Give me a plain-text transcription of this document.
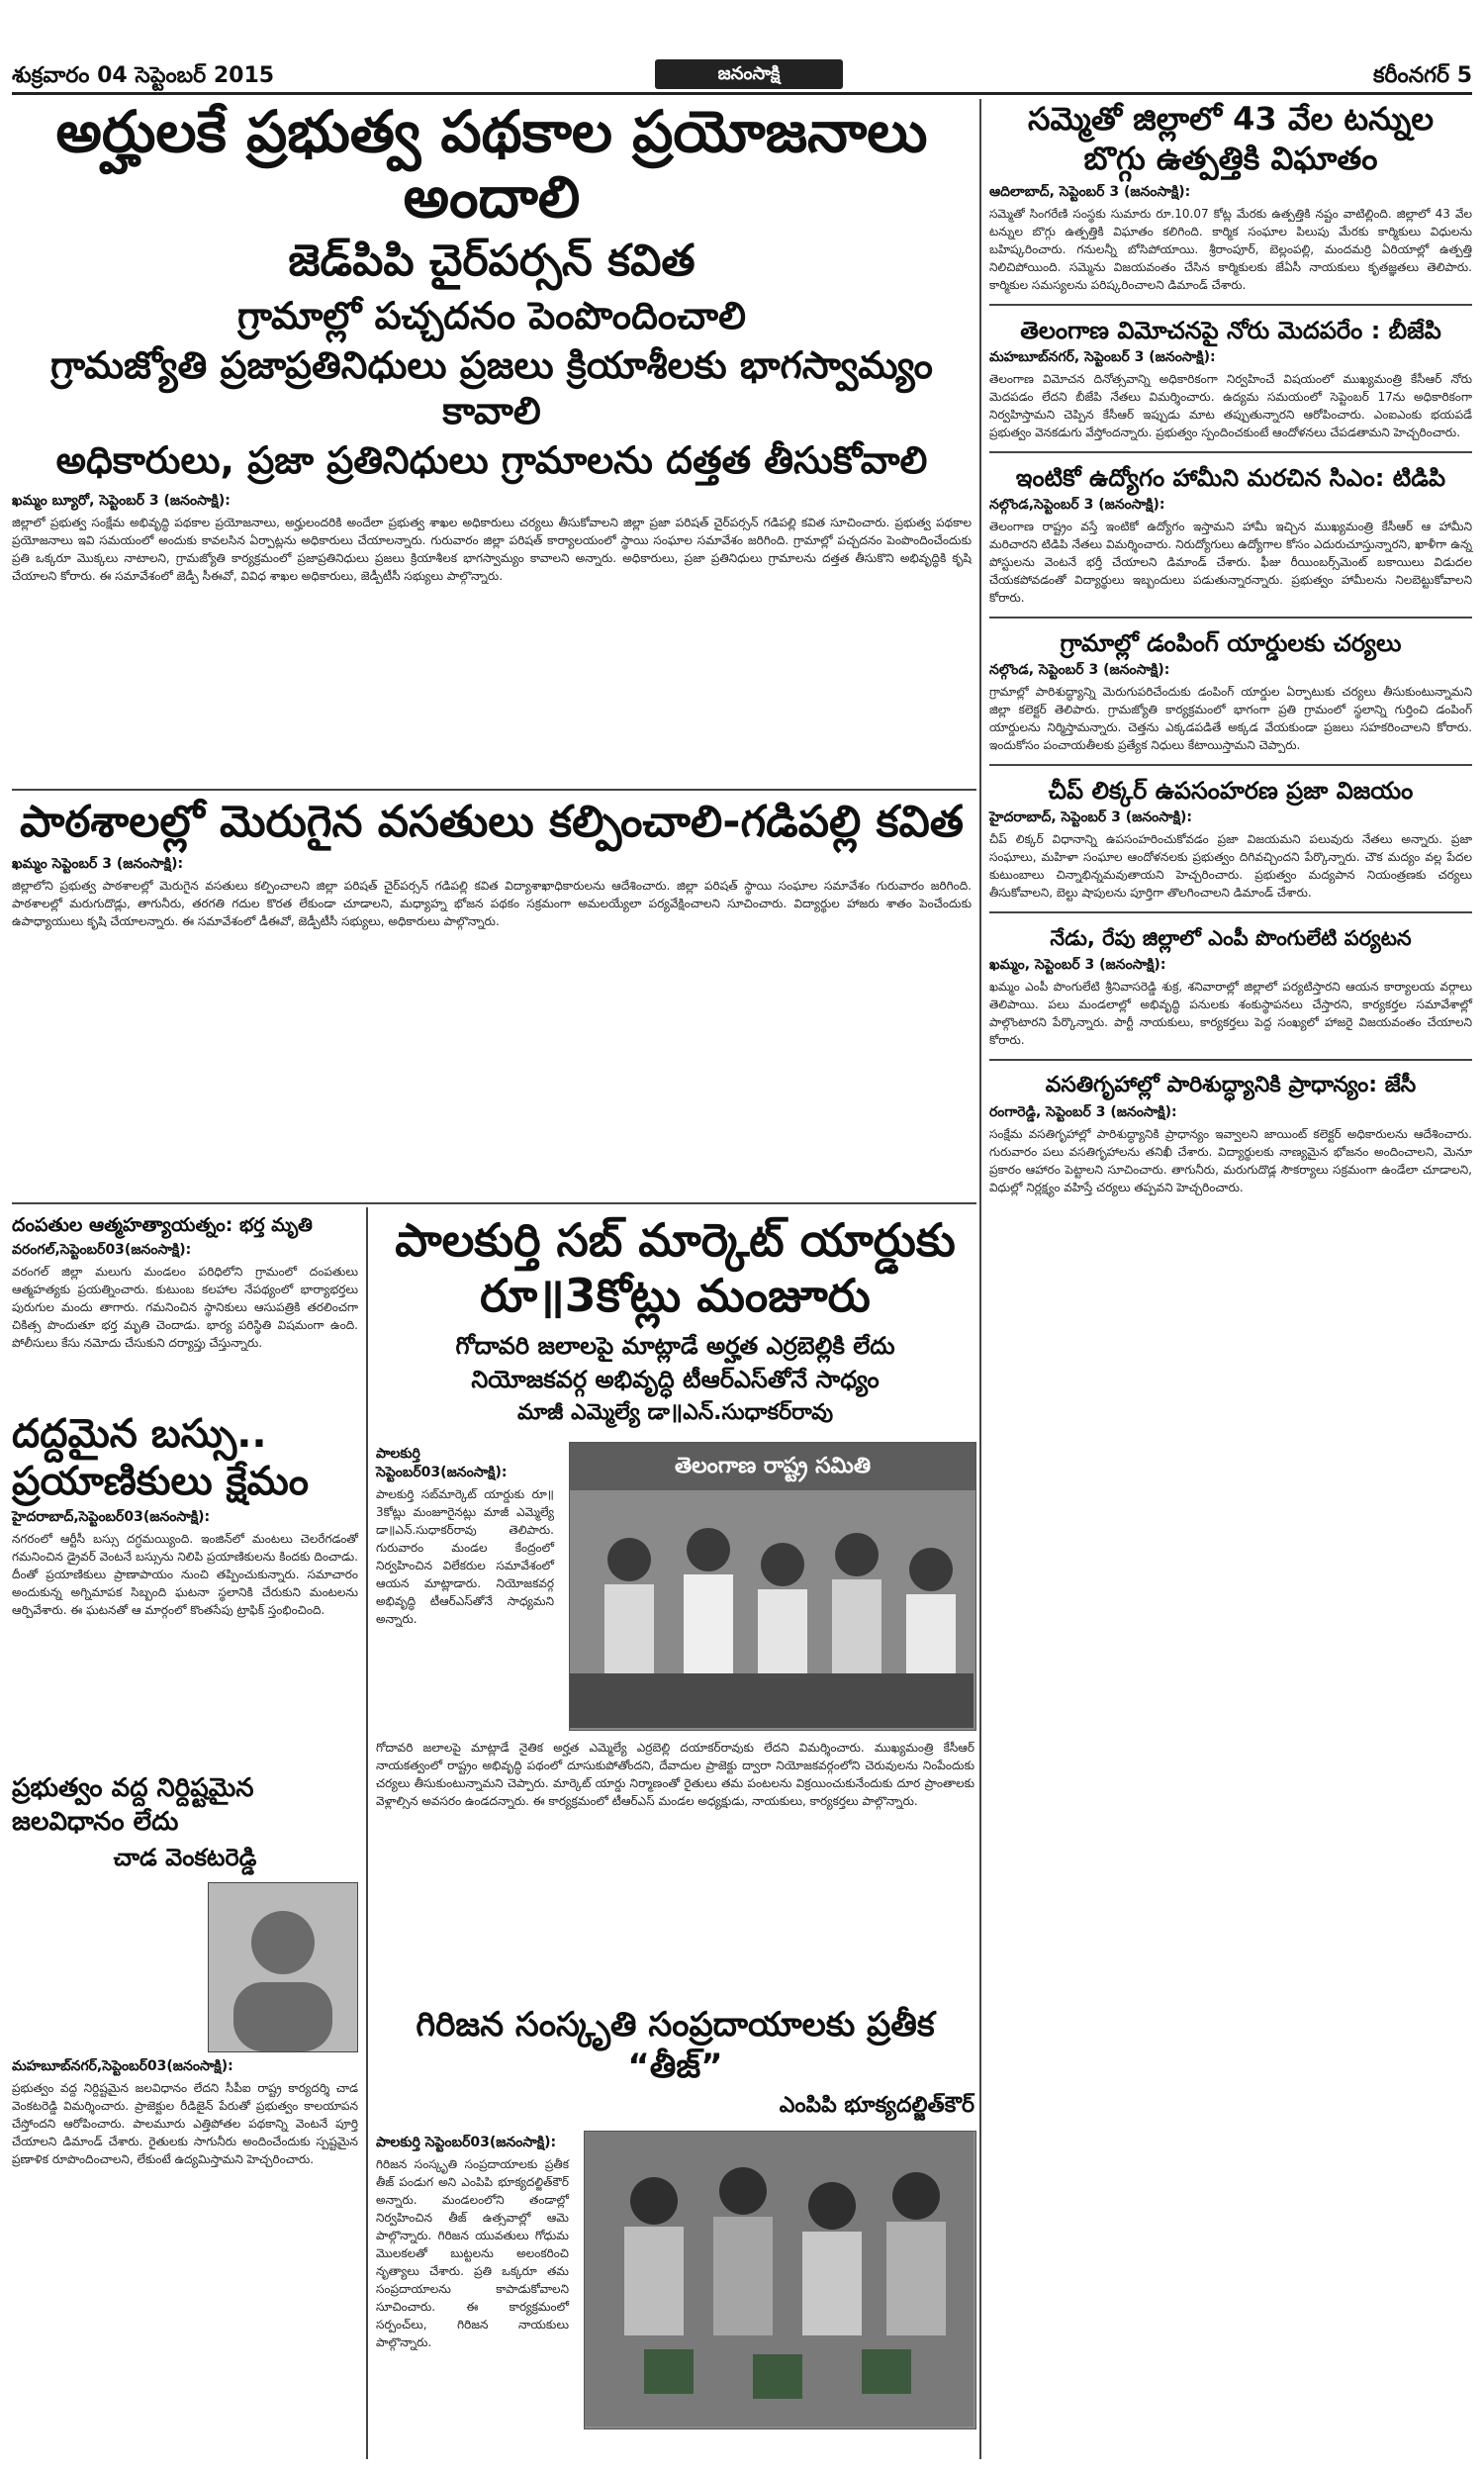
శుక్రవారం 04 సెప్టెంబర్ 2015	జనంసాక్షి	కరీంనగర్ 5
అర్హులకే ప్రభుత్వ పథకాల ప్రయోజనాలు అందాలి
జెడ్‌పిపి చైర్‌పర్సన్ కవిత
గ్రామాల్లో పచ్చదనం పెంపొందించాలి
గ్రామజ్యోతి ప్రజాప్రతినిధులు ప్రజలు క్రియాశీలకు భాగస్వామ్యం కావాలి
అధికారులు, ప్రజా ప్రతినిధులు గ్రామాలను దత్తత తీసుకోవాలి
ఖమ్మం బ్యూరో, సెప్టెంబర్ 3 (జనంసాక్షి):
జిల్లాలో ప్రభుత్వ సంక్షేమ అభివృద్ధి పథకాల ప్రయోజనాలు, అర్హులందరికి అందేలా ప్రభుత్వ శాఖల అధికారులు చర్యలు తీసుకోవాలని జిల్లా ప్రజా పరిషత్ చైర్‌పర్సన్ గడిపల్లి కవిత సూచించారు. ప్రభుత్వ పథకాల ప్రయోజనాలు ఇవి సమయంలో అందుకు కావలసిన ఏర్పాట్లను అధికారులు చేయాలన్నారు. గురువారం జిల్లా పరిషత్ కార్యాలయంలో స్థాయి సంఘాల సమావేశం జరిగింది. గ్రామాల్లో పచ్చదనం పెంపొందించేందుకు ప్రతి ఒక్కరూ మొక్కలు నాటాలని, గ్రామజ్యోతి కార్యక్రమంలో ప్రజాప్రతినిధులు ప్రజలు క్రియాశీలక భాగస్వామ్యం కావాలని అన్నారు. అధికారులు, ప్రజా ప్రతినిధులు గ్రామాలను దత్తత తీసుకొని అభివృద్ధికి కృషి చేయాలని కోరారు. ఈ సమావేశంలో జెడ్పీ సీఈవో, వివిధ శాఖల అధికారులు, జెడ్పీటీసీ సభ్యులు పాల్గొన్నారు.
పాఠశాలల్లో మెరుగైన వసతులు కల్పించాలి-గడిపల్లి కవిత
ఖమ్మం సెప్టెంబర్ 3 (జనంసాక్షి):
జిల్లాలోని ప్రభుత్వ పాఠశాలల్లో మెరుగైన వసతులు కల్పించాలని జిల్లా పరిషత్ చైర్‌పర్సన్ గడిపల్లి కవిత విద్యాశాఖాధికారులను ఆదేశించారు. జిల్లా పరిషత్ స్థాయి సంఘాల సమావేశం గురువారం జరిగింది. పాఠశాలల్లో మరుగుదొడ్లు, తాగునీరు, తరగతి గదుల కొరత లేకుండా చూడాలని, మధ్యాహ్న భోజన పథకం సక్రమంగా అమలయ్యేలా పర్యవేక్షించాలని సూచించారు. విద్యార్థుల హాజరు శాతం పెంచేందుకు ఉపాధ్యాయులు కృషి చేయాలన్నారు. ఈ సమావేశంలో డీఈవో, జెడ్పీటీసీ సభ్యులు, అధికారులు పాల్గొన్నారు.
దంపతుల ఆత్మహత్యాయత్నం: భర్త మృతి
వరంగల్,సెప్టెంబర్03(జనంసాక్షి):
వరంగల్ జిల్లా మలుగు మండలం పరిధిలోని గ్రామంలో దంపతులు ఆత్మహత్యకు ప్రయత్నించారు. కుటుంబ కలహాల నేపథ్యంలో భార్యాభర్తలు పురుగుల మందు తాగారు. గమనించిన స్థానికులు ఆసుపత్రికి తరలించగా చికిత్స పొందుతూ భర్త మృతి చెందాడు. భార్య పరిస్థితి విషమంగా ఉంది. పోలీసులు కేసు నమోదు చేసుకుని దర్యాప్తు చేస్తున్నారు.
దద్దమైన బస్సు.. ప్రయాణికులు క్షేమం
హైదరాబాద్,సెప్టెంబర్03(జనంసాక్షి):
నగరంలో ఆర్టీసీ బస్సు దగ్ధమయ్యింది. ఇంజిన్‌లో మంటలు చెలరేగడంతో గమనించిన డ్రైవర్ వెంటనే బస్సును నిలిపి ప్రయాణికులను కిందకు దించాడు. దీంతో ప్రయాణికులు ప్రాణాపాయం నుంచి తప్పించుకున్నారు. సమాచారం అందుకున్న అగ్నిమాపక సిబ్బంది ఘటనా స్థలానికి చేరుకుని మంటలను ఆర్పివేశారు. ఈ ఘటనతో ఆ మార్గంలో కొంతసేపు ట్రాఫిక్ స్తంభించింది.
ప్రభుత్వం వద్ద నిర్దిష్టమైన జలవిధానం లేదు
చాడ వెంకటరెడ్డి
మహబూబ్‌నగర్,సెప్టెంబర్03(జనంసాక్షి):
ప్రభుత్వం వద్ద నిర్దిష్టమైన జలవిధానం లేదని సీపీఐ రాష్ట్ర కార్యదర్శి చాడ వెంకటరెడ్డి విమర్శించారు. ప్రాజెక్టుల రీడిజైన్ పేరుతో ప్రభుత్వం కాలయాపన చేస్తోందని ఆరోపించారు. పాలమూరు ఎత్తిపోతల పథకాన్ని వెంటనే పూర్తి చేయాలని డిమాండ్ చేశారు. రైతులకు సాగునీరు అందించేందుకు స్పష్టమైన ప్రణాళిక రూపొందించాలని, లేకుంటే ఉద్యమిస్తామని హెచ్చరించారు.
పాలకుర్తి సబ్ మార్కెట్ యార్డుకు
రూ॥3కోట్లు మంజూరు
గోదావరి జలాలపై మాట్లాడే అర్హత ఎర్రబెల్లికి లేదు
నియోజకవర్గ అభివృద్ధి టీఆర్ఎస్‌తోనే సాధ్యం
మాజీ ఎమ్మెల్యే డా॥ఎన్.సుధాకర్‌రావు
పాలకుర్తి సెప్టెంబర్03(జనంసాక్షి):
పాలకుర్తి సబ్‌మార్కెట్ యార్డుకు రూ॥3కోట్లు మంజూరైనట్లు మాజీ ఎమ్మెల్యే డా॥ఎన్.సుధాకర్‌రావు తెలిపారు. గురువారం మండల కేంద్రంలో నిర్వహించిన విలేకరుల సమావేశంలో ఆయన మాట్లాడారు. నియోజకవర్గ అభివృద్ధి టీఆర్ఎస్‌తోనే సాధ్యమని అన్నారు.
తెలంగాణ రాష్ట్ర సమితి
గోదావరి జలాలపై మాట్లాడే నైతిక అర్హత ఎమ్మెల్యే ఎర్రబెల్లి దయాకర్‌రావుకు లేదని విమర్శించారు. ముఖ్యమంత్రి కేసీఆర్ నాయకత్వంలో రాష్ట్రం అభివృద్ధి పథంలో దూసుకుపోతోందని, దేవాదుల ప్రాజెక్టు ద్వారా నియోజకవర్గంలోని చెరువులను నింపేందుకు చర్యలు తీసుకుంటున్నామని చెప్పారు. మార్కెట్ యార్డు నిర్మాణంతో రైతులు తమ పంటలను విక్రయించుకునేందుకు దూర ప్రాంతాలకు వెళ్లాల్సిన అవసరం ఉండదన్నారు. ఈ కార్యక్రమంలో టీఆర్ఎస్ మండల అధ్యక్షుడు, నాయకులు, కార్యకర్తలు పాల్గొన్నారు.
గిరిజన సంస్కృతి సంప్రదాయాలకు ప్రతీక “తీజ్”
ఎంపిపి భూక్యదల్జిత్‌కౌర్
పాలకుర్తి సెప్టెంబర్03(జనంసాక్షి):
గిరిజన సంస్కృతి సంప్రదాయాలకు ప్రతీక తీజ్ పండుగ అని ఎంపిపి భూక్యదల్జిత్‌కౌర్ అన్నారు. మండలంలోని తండాల్లో నిర్వహించిన తీజ్ ఉత్సవాల్లో ఆమె పాల్గొన్నారు. గిరిజన యువతులు గోధుమ మొలకలతో బుట్టలను అలంకరించి నృత్యాలు చేశారు. ప్రతి ఒక్కరూ తమ సంప్రదాయాలను కాపాడుకోవాలని సూచించారు. ఈ కార్యక్రమంలో సర్పంచ్‌లు, గిరిజన నాయకులు పాల్గొన్నారు.
సమ్మెతో జిల్లాలో 43 వేల టన్నుల
బొగ్గు ఉత్పత్తికి విఘాతం
ఆదిలాబాద్, సెప్టెంబర్ 3 (జనంసాక్షి):
సమ్మెతో సింగరేణి సంస్థకు సుమారు రూ.10.07 కోట్ల మేరకు ఉత్పత్తికి నష్టం వాటిల్లింది. జిల్లాలో 43 వేల టన్నుల బొగ్గు ఉత్పత్తికి విఘాతం కలిగింది. కార్మిక సంఘాల పిలుపు మేరకు కార్మికులు విధులను బహిష్కరించారు. గనులన్నీ బోసిపోయాయి. శ్రీరాంపూర్, బెల్లంపల్లి, మందమర్రి ఏరియాల్లో ఉత్పత్తి నిలిచిపోయింది. సమ్మెను విజయవంతం చేసిన కార్మికులకు జేఏసీ నాయకులు కృతజ్ఞతలు తెలిపారు. కార్మికుల సమస్యలను పరిష్కరించాలని డిమాండ్ చేశారు.
తెలంగాణ విమోచనపై నోరు మెదపరేం : బీజేపి
మహబూబ్‌నగర్, సెప్టెంబర్ 3 (జనంసాక్షి):
తెలంగాణ విమోచన దినోత్సవాన్ని అధికారికంగా నిర్వహించే విషయంలో ముఖ్యమంత్రి కేసీఆర్ నోరు మెదపడం లేదని బీజేపి నేతలు విమర్శించారు. ఉద్యమ సమయంలో సెప్టెంబర్ 17ను అధికారికంగా నిర్వహిస్తామని చెప్పిన కేసీఆర్ ఇప్పుడు మాట తప్పుతున్నారని ఆరోపించారు. ఎంఐఎంకు భయపడే ప్రభుత్వం వెనకడుగు వేస్తోందన్నారు. ప్రభుత్వం స్పందించకుంటే ఆందోళనలు చేపడతామని హెచ్చరించారు.
ఇంటికో ఉద్యోగం హామీని మరచిన సిఎం: టిడిపి
నల్గొండ,సెప్టెంబర్ 3 (జనంసాక్షి):
తెలంగాణ రాష్ట్రం వస్తే ఇంటికో ఉద్యోగం ఇస్తామని హామీ ఇచ్చిన ముఖ్యమంత్రి కేసీఆర్ ఆ హామీని మరిచారని టిడిపి నేతలు విమర్శించారు. నిరుద్యోగులు ఉద్యోగాల కోసం ఎదురుచూస్తున్నారని, ఖాళీగా ఉన్న పోస్టులను వెంటనే భర్తీ చేయాలని డిమాండ్ చేశారు. ఫీజు రీయింబర్స్‌మెంట్ బకాయిలు విడుదల చేయకపోవడంతో విద్యార్థులు ఇబ్బందులు పడుతున్నారన్నారు. ప్రభుత్వం హామీలను నిలబెట్టుకోవాలని కోరారు.
గ్రామాల్లో డంపింగ్ యార్డులకు చర్యలు
నల్గొండ, సెప్టెంబర్ 3 (జనంసాక్షి):
గ్రామాల్లో పారిశుద్ధ్యాన్ని మెరుగుపరిచేందుకు డంపింగ్ యార్డుల ఏర్పాటుకు చర్యలు తీసుకుంటున్నామని జిల్లా కలెక్టర్ తెలిపారు. గ్రామజ్యోతి కార్యక్రమంలో భాగంగా ప్రతి గ్రామంలో స్థలాన్ని గుర్తించి డంపింగ్ యార్డులను నిర్మిస్తామన్నారు. చెత్తను ఎక్కడపడితే అక్కడ వేయకుండా ప్రజలు సహకరించాలని కోరారు. ఇందుకోసం పంచాయతీలకు ప్రత్యేక నిధులు కేటాయిస్తామని చెప్పారు.
చీప్ లిక్కర్ ఉపసంహరణ ప్రజా విజయం
హైదరాబాద్, సెప్టెంబర్ 3 (జనంసాక్షి):
చీప్ లిక్కర్ విధానాన్ని ఉపసంహరించుకోవడం ప్రజా విజయమని పలువురు నేతలు అన్నారు. ప్రజా సంఘాలు, మహిళా సంఘాల ఆందోళనలకు ప్రభుత్వం దిగివచ్చిందని పేర్కొన్నారు. చౌక మద్యం వల్ల పేదల కుటుంబాలు చిన్నాభిన్నమవుతాయని హెచ్చరించారు. ప్రభుత్వం మద్యపాన నియంత్రణకు చర్యలు తీసుకోవాలని, బెల్టు షాపులను పూర్తిగా తొలగించాలని డిమాండ్ చేశారు.
నేడు, రేపు జిల్లాలో ఎంపీ పొంగులేటి పర్యటన
ఖమ్మం, సెప్టెంబర్ 3 (జనంసాక్షి):
ఖమ్మం ఎంపీ పొంగులేటి శ్రీనివాసరెడ్డి శుక్ర, శనివారాల్లో జిల్లాలో పర్యటిస్తారని ఆయన కార్యాలయ వర్గాలు తెలిపాయి. పలు మండలాల్లో అభివృద్ధి పనులకు శంకుస్థాపనలు చేస్తారని, కార్యకర్తల సమావేశాల్లో పాల్గొంటారని పేర్కొన్నారు. పార్టీ నాయకులు, కార్యకర్తలు పెద్ద సంఖ్యలో హాజరై విజయవంతం చేయాలని కోరారు.
వసతిగృహాల్లో పారిశుద్ధ్యానికి ప్రాధాన్యం: జేసీ
రంగారెడ్డి, సెప్టెంబర్ 3 (జనంసాక్షి):
సంక్షేమ వసతిగృహాల్లో పారిశుద్ధ్యానికి ప్రాధాన్యం ఇవ్వాలని జాయింట్ కలెక్టర్ అధికారులను ఆదేశించారు. గురువారం పలు వసతిగృహాలను తనిఖీ చేశారు. విద్యార్థులకు నాణ్యమైన భోజనం అందించాలని, మెనూ ప్రకారం ఆహారం పెట్టాలని సూచించారు. తాగునీరు, మరుగుదొడ్ల సౌకర్యాలు సక్రమంగా ఉండేలా చూడాలని, విధుల్లో నిర్లక్ష్యం వహిస్తే చర్యలు తప్పవని హెచ్చరించారు.
